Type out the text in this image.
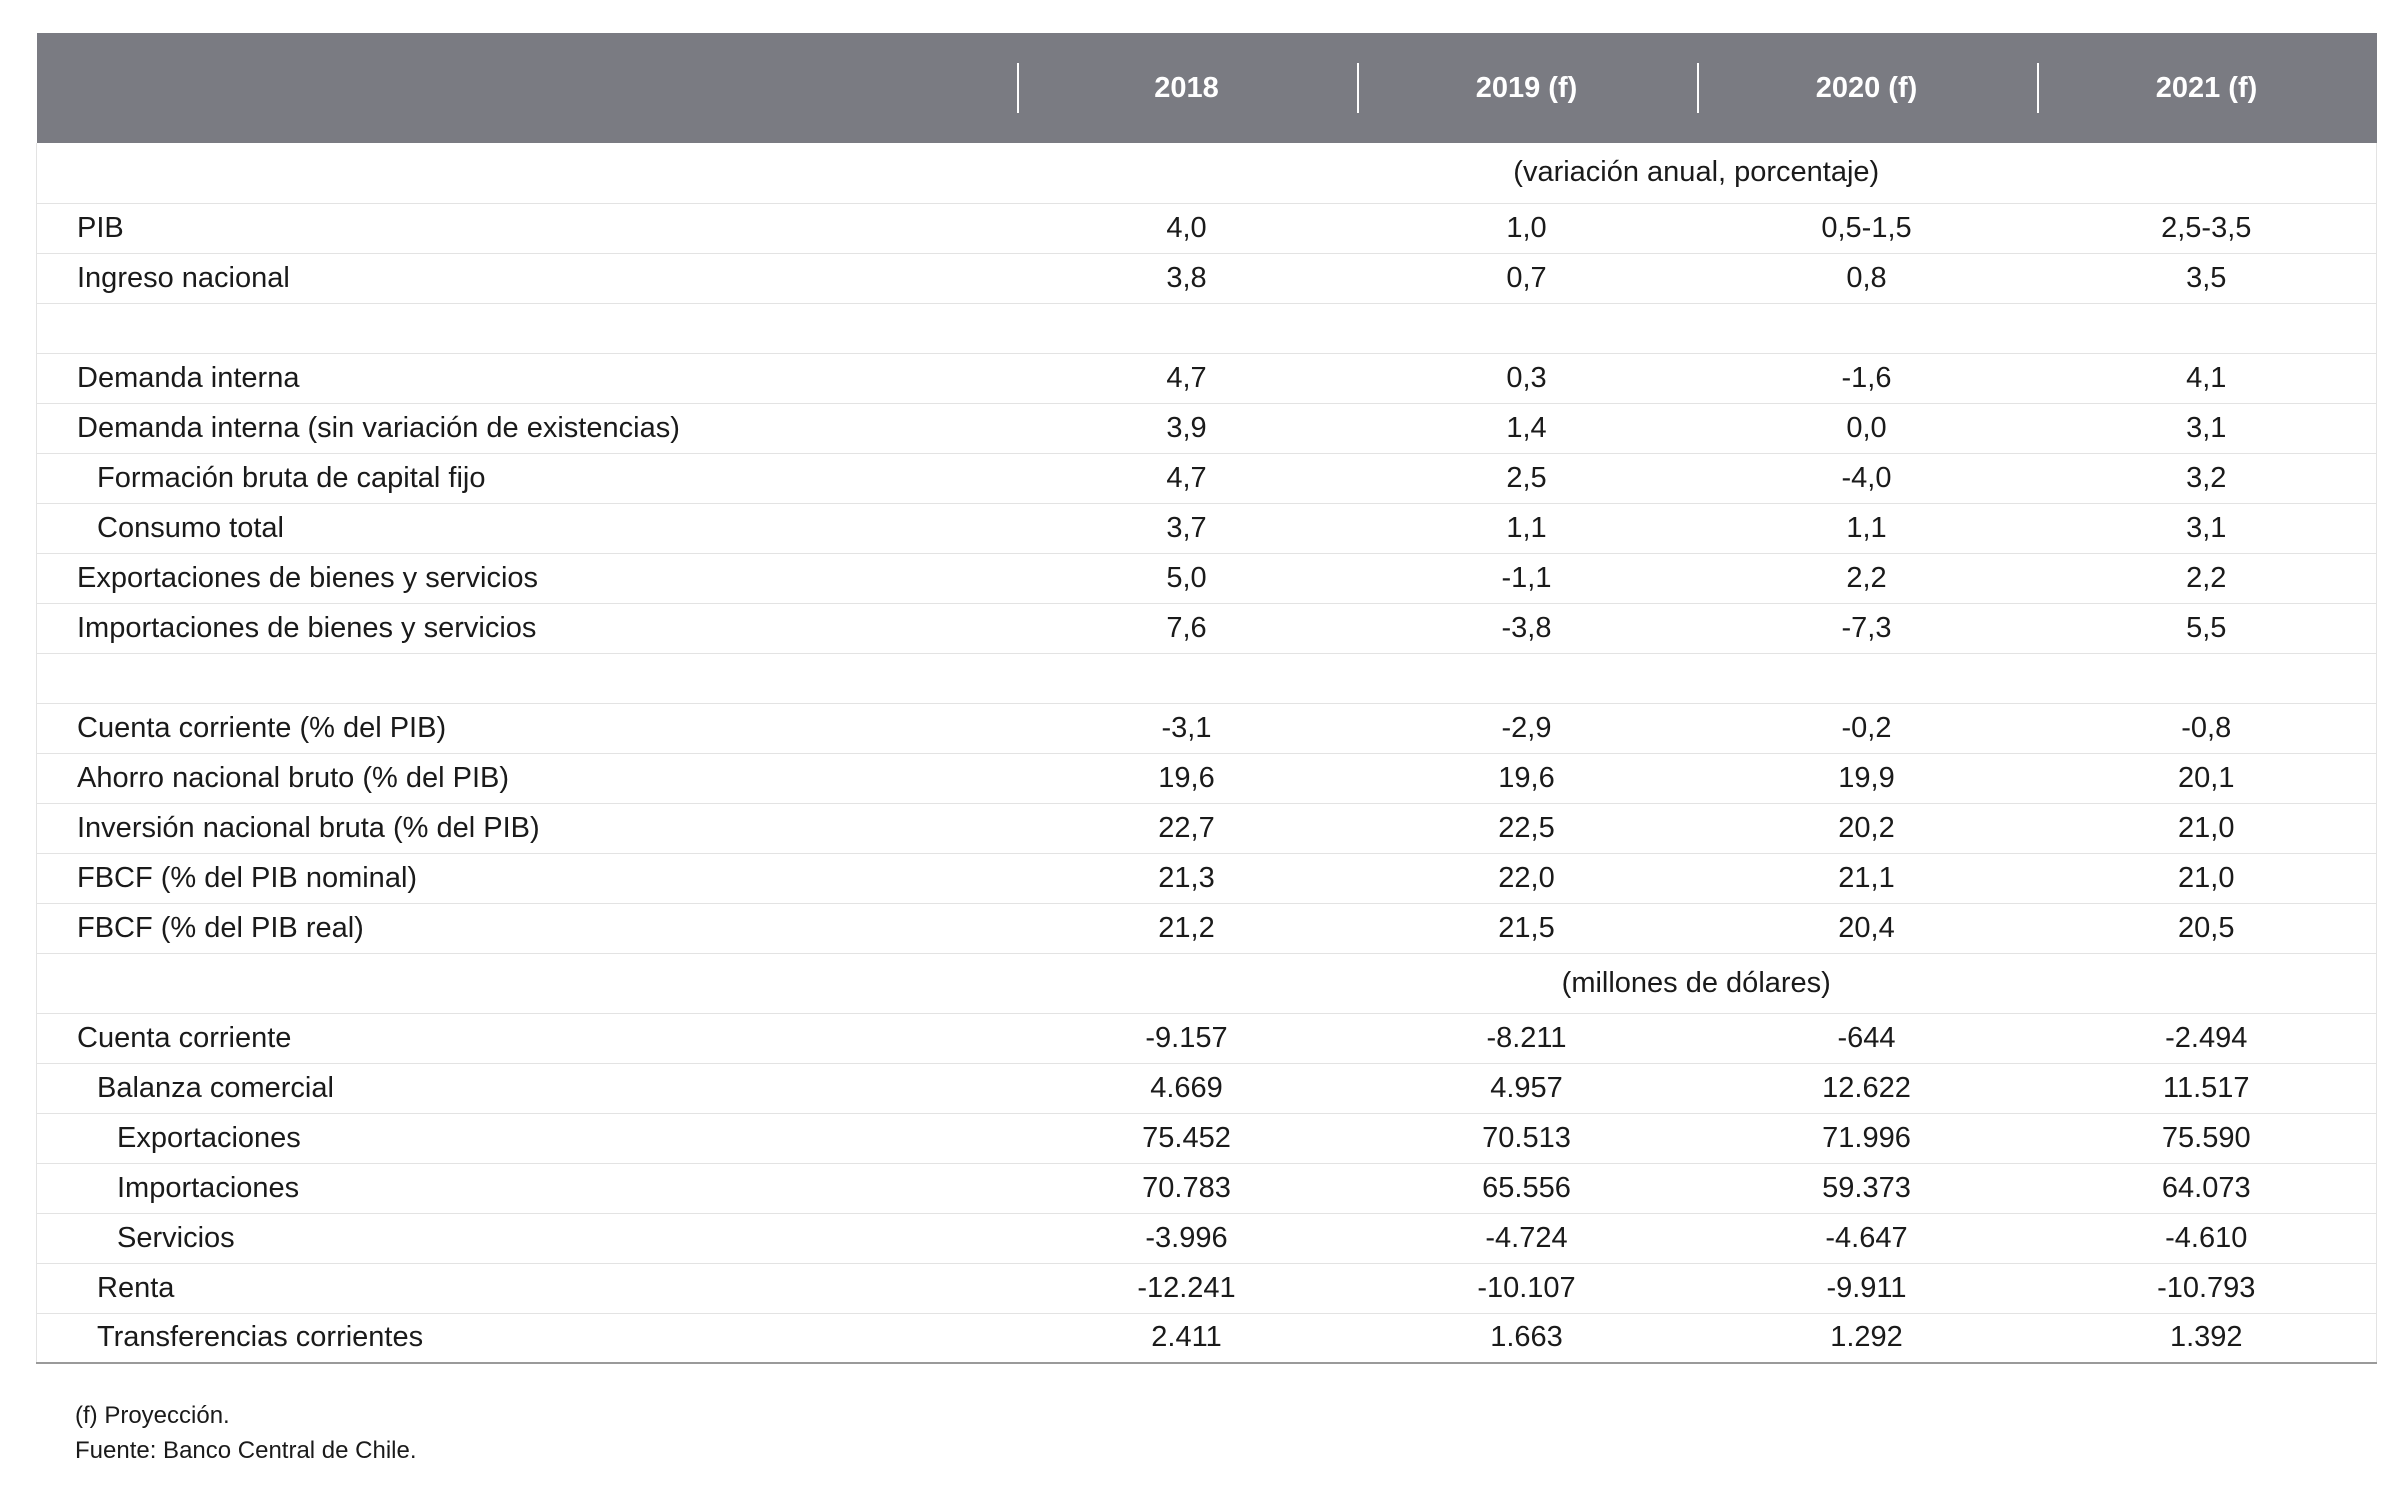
	2018	2019 (f)	2020 (f)	2021 (f)
	(variación anual, porcentaje)			
PIB	4,0	1,0	0,5-1,5	2,5-3,5
Ingreso nacional	3,8	0,7	0,8	3,5

Demanda interna	4,7	0,3	-1,6	4,1
Demanda interna (sin variación de existencias)	3,9	1,4	0,0	3,1
Formación bruta de capital fijo	4,7	2,5	-4,0	3,2
Consumo total	3,7	1,1	1,1	3,1
Exportaciones de bienes y servicios	5,0	-1,1	2,2	2,2
Importaciones de bienes y servicios	7,6	-3,8	-7,3	5,5

Cuenta corriente (% del PIB)	-3,1	-2,9	-0,2	-0,8
Ahorro nacional bruto (% del PIB)	19,6	19,6	19,9	20,1
Inversión nacional bruta (% del PIB)	22,7	22,5	20,2	21,0
FBCF (% del PIB nominal)	21,3	22,0	21,1	21,0
FBCF (% del PIB real)	21,2	21,5	20,4	20,5
	(millones de dólares)			
Cuenta corriente	-9.157	-8.211	-644	-2.494
Balanza comercial	4.669	4.957	12.622	11.517
Exportaciones	75.452	70.513	71.996	75.590
Importaciones	70.783	65.556	59.373	64.073
Servicios	-3.996	-4.724	-4.647	-4.610
Renta	-12.241	-10.107	-9.911	-10.793
Transferencias corrientes	2.411	1.663	1.292	1.392
(f) Proyección.
Fuente: Banco Central de Chile.
